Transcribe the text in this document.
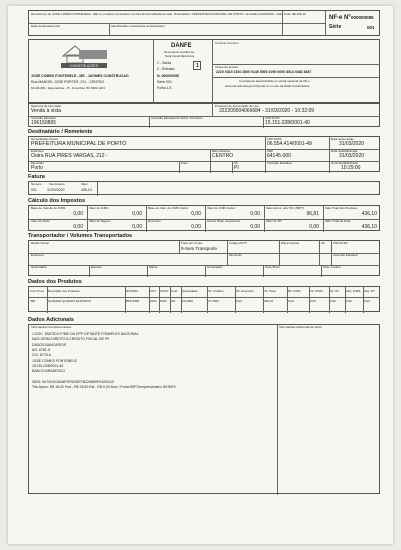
Recebemos de JOSE COMES FONTENELE - ME os produtos constantes na Nota Fiscal indicada ao lado. Destinatário: PREFEITURA MUNICIPAL DE PORTO - Emissão:31/03/2020 - Valor Total: R$ 436,10
Data de Recebimento	Identificação e Assinatura do Recebedor
NF-e Nº 000000085
Série	001
CONSTRUÇÕES
JOSE COMES FONTENELE - ME - JAOMES CONSTRUCAO
Rua MANOEL JOSE PORTES, 201 - CENTRO
64145-000 - Esperantina - PI - Fone/Fax: 86 3383 1224
DANFE
Documento Auxiliar da
Nota Fiscal Eletrônica
1 - Saída
0 - Entrada	1
N. 000000085
Série 001
Folha 1/1
Controle do Fisco
Chave de Acesso
2220 0315 1510 2800 0146 5500 1000 0000 8514 0482 8467
Consulta de autenticidade no portal nacional da NF-e
www.nfe.fazenda.gov.br/portal ou no site da Sefaz Autorizadora
Natureza da Operação
Venda à vista
Protocolo de Autorização de Uso
322200004066684 - 31/03/2020 - 10:32:09
Inscrição Estadual
196150865
Inscrição Estadual do Subst. Tributário	CNPJ/CPF
15.151.028/0001-40
Destinatário / Remetente
Nome/Razão Social
PREFEITURA MUNICIPAL DE PORTO
CNPJ/CPF
06.554.414/0001-49
Data da Emissão
31/03/2020
Endereço
Outra RUA PIRES VARGAS, 212 -
Bairro/Distrito
CENTRO
CEP
64145-000
Data Saída/Entrada
31/03/2020
Município
Porto
Fone	UF
PI
Inscrição Estadual	Hora Saída/Entrada
10:29:00
Fatura
Número
001
Vencimento
31/03/2020
Valor
436,10
Cálculo dos Impostos
Base de Cálculo do ICMS
0,00
Valor do ICMS
0,00
Base de Cálc. do ICMS Subst.
0,00
Valor do ICMS Subst.
0,00
Valor Aprox. dos Trib. (IBPT)
96,81
Valor Total dos Produtos
436,10
Valor do Frete
0,00
Valor do Seguro
0,00
Desconto
0,00
Outras Desp. Acessórias
0,00
Valor do IPI
0,00
Valor Total da Nota
436,10
Transportador / Volumes Transportados
Razão Social	Frete por Conta
9-Sem Transporte
Código ANTT	Placa Veículo	UF	CNPJ/CPF
Endereço	Município	Inscrição Estadual
Quantidade	Espécie	Marca	Numeração	Peso Bruto	Peso Líquido
Dados dos Produtos
Cód. Prod. Descrição dos Produtos	NCM/SH	CST CFOP Unid. Quantidade	Vlr. Unitário	Vlr. Desconto	Vlr. Total	BC ICMS	Vlr. ICMS Vlr. IPI Alíq. ICMS Alíq. IPI
338	QUADRO QUADRO ELETRICO	85371090	0102 5102 UN 16,0000	27,2563	0,00	436,10	0,00	0,00	0,00	0,00	0,00
Dados Adicionais
Informações Complementares	Informações Adicionais de Fisco
1-DOC. EMITIDO P/ME OU EPP OPTANTE P/SIMPLES NACIONAL
NAO GERA DIREITO A CREDITO FISCAL DE IPI
DADOS BANCARIOS
AG: 6781-5
C/C: 8775-6
JOSE COMES FONTENELE
15.151.028/0001-40
BANCO BRADESCO
NIDS: 5073/N/CANAP0F0433FFB226589F0420CA3
Trib Aprox: R$ 18,52 Fed - R$ 78,50 Est - R$ 0,00 Mun / Fonte:IBPT/empresometro 9H1NF9
